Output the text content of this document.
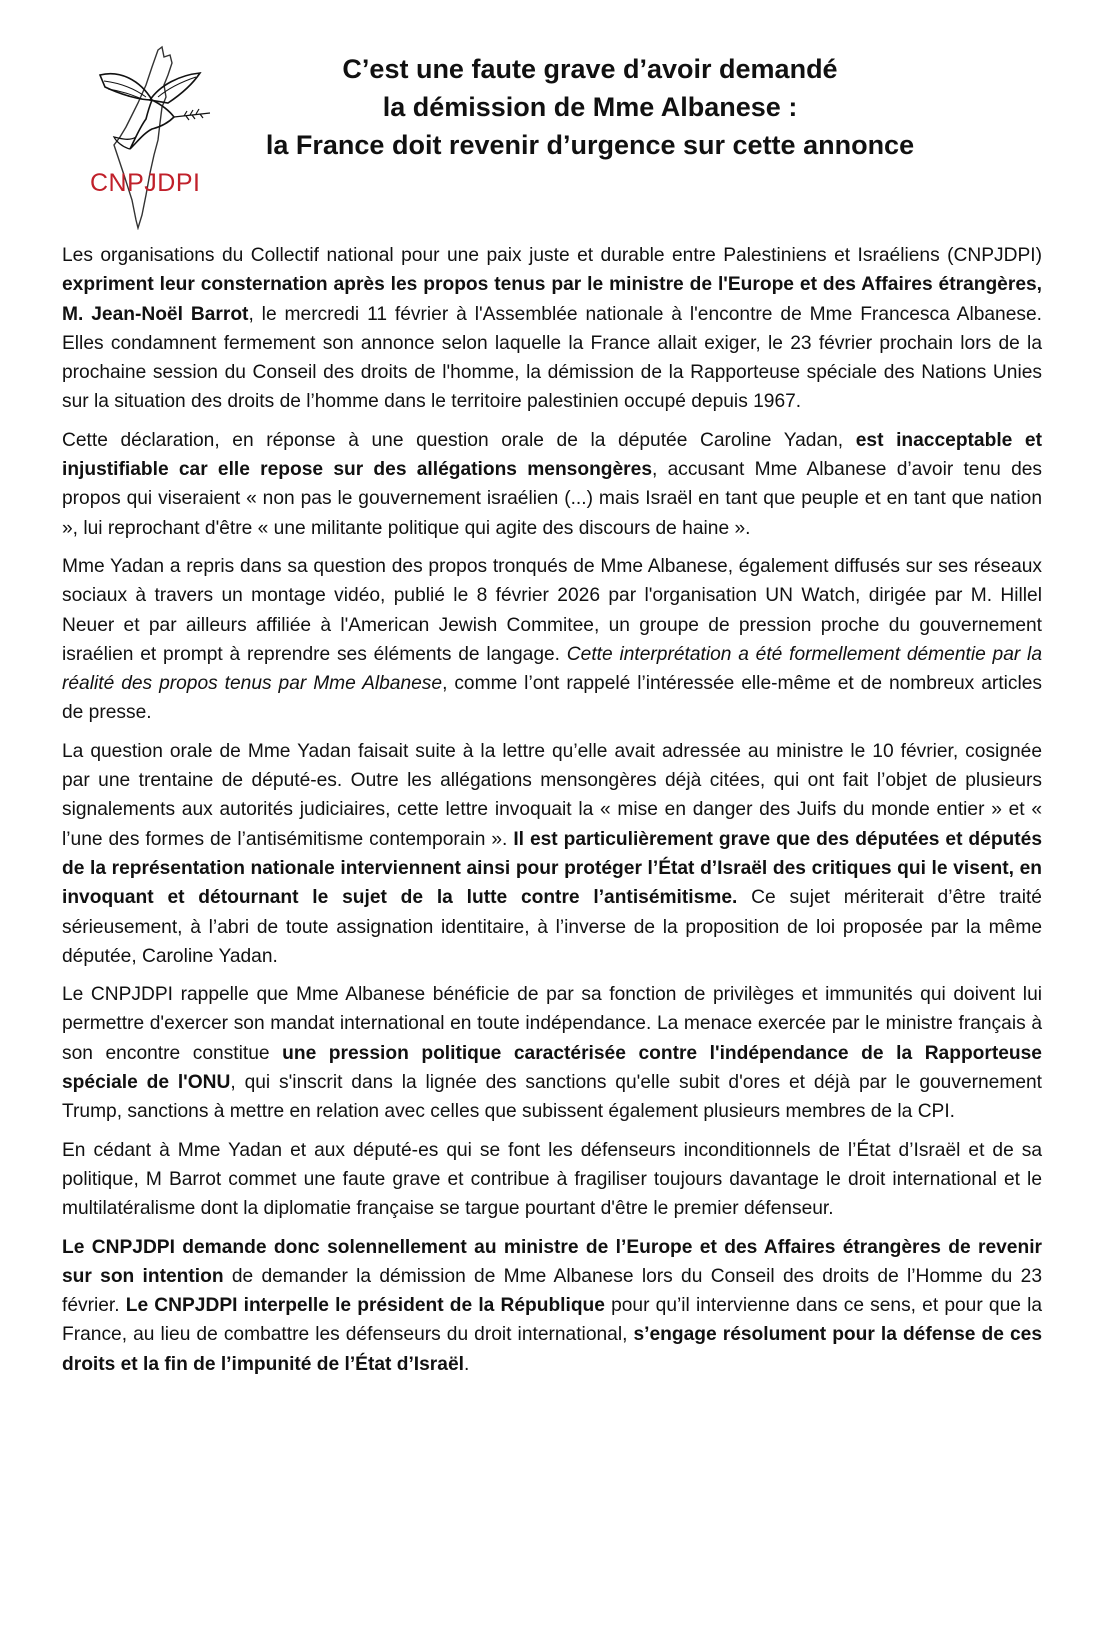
CNPJDPI
C’est une faute grave d’avoir demandé
la démission de Mme Albanese :
la France doit revenir d’urgence sur cette annonce

Les organisations du Collectif national pour une paix juste et durable entre Palestiniens et Israéliens (CNPJDPI) expriment leur consternation après les propos tenus par le ministre de l'Europe et des Affaires étrangères, M. Jean-Noël Barrot, le mercredi 11 février à l'Assemblée nationale à l'encontre de Mme Francesca Albanese. Elles condamnent fermement son annonce selon laquelle la France allait exiger, le 23 février prochain lors de la prochaine session du Conseil des droits de l'homme, la démission de la Rapporteuse spéciale des Nations Unies sur la situation des droits de l’homme dans le territoire palestinien occupé depuis 1967.

Cette déclaration, en réponse à une question orale de la députée Caroline Yadan, est inacceptable et injustifiable car elle repose sur des allégations mensongères, accusant Mme Albanese d’avoir tenu des propos qui viseraient « non pas le gouvernement israélien (...) mais Israël en tant que peuple et en tant que nation », lui reprochant d'être « une militante politique qui agite des discours de haine ».

Mme Yadan a repris dans sa question des propos tronqués de Mme Albanese, également diffusés sur ses réseaux sociaux à travers un montage vidéo, publié le 8 février 2026 par l'organisation UN Watch, dirigée par M. Hillel Neuer et par ailleurs affiliée à l'American Jewish Commitee, un groupe de pression proche du gouvernement israélien et prompt à reprendre ses éléments de langage. Cette interprétation a été formellement démentie par la réalité des propos tenus par Mme Albanese, comme l’ont rappelé l’intéressée elle-même et de nombreux articles de presse.

La question orale de Mme Yadan faisait suite à la lettre qu’elle avait adressée au ministre le 10 février, cosignée par une trentaine de député-es. Outre les allégations mensongères déjà citées, qui ont fait l’objet de plusieurs signalements aux autorités judiciaires, cette lettre invoquait la « mise en danger des Juifs du monde entier » et « l’une des formes de l’antisémitisme contemporain ». Il est particulièrement grave que des députées et députés de la représentation nationale interviennent ainsi pour protéger l’État d’Israël des critiques qui le visent, en invoquant et détournant le sujet de la lutte contre l’antisémitisme. Ce sujet mériterait d’être traité sérieusement, à l’abri de toute assignation identitaire, à l’inverse de la proposition de loi proposée par la même députée, Caroline Yadan.

Le CNPJDPI rappelle que Mme Albanese bénéficie de par sa fonction de privilèges et immunités qui doivent lui permettre d'exercer son mandat international en toute indépendance. La menace exercée par le ministre français à son encontre constitue une pression politique caractérisée contre l'indépendance de la Rapporteuse spéciale de l'ONU, qui s'inscrit dans la lignée des sanctions qu'elle subit d'ores et déjà par le gouvernement Trump, sanctions à mettre en relation avec celles que subissent également plusieurs membres de la CPI.

En cédant à Mme Yadan et aux député-es qui se font les défenseurs inconditionnels de l’État d’Israël et de sa politique, M Barrot commet une faute grave et contribue à fragiliser toujours davantage le droit international et le multilatéralisme dont la diplomatie française se targue pourtant d'être le premier défenseur.

Le CNPJDPI demande donc solennellement au ministre de l’Europe et des Affaires étrangères de revenir sur son intention de demander la démission de Mme Albanese lors du Conseil des droits de l’Homme du 23 février. Le CNPJDPI interpelle le président de la République pour qu’il intervienne dans ce sens, et pour que la France, au lieu de combattre les défenseurs du droit international, s’engage résolument pour la défense de ces droits et la fin de l’impunité de l’État d’Israël.
